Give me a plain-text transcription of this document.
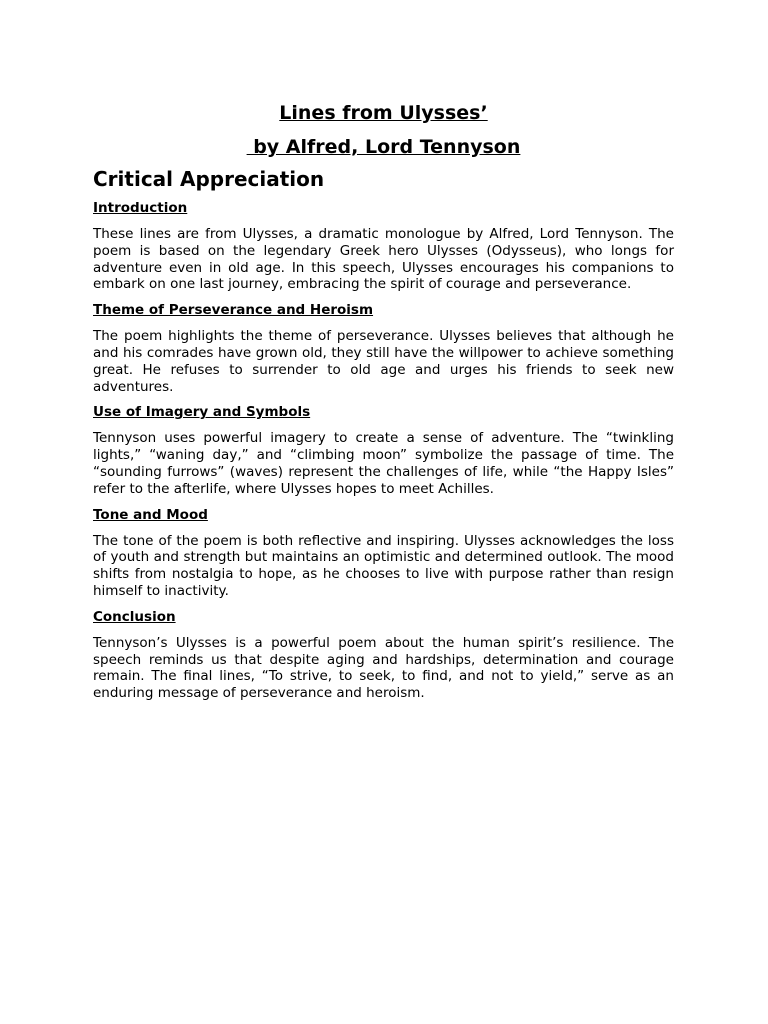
Lines from Ulysses’

by Alfred, Lord Tennyson

Critical Appreciation

Introduction

These lines are from Ulysses, a dramatic monologue by Alfred, Lord Tennyson. The poem is based on the legendary Greek hero Ulysses (Odysseus), who longs for adventure even in old age. In this speech, Ulysses encourages his companions to embark on one last journey, embracing the spirit of courage and perseverance.

Theme of Perseverance and Heroism

The poem highlights the theme of perseverance. Ulysses believes that although he and his comrades have grown old, they still have the willpower to achieve something great. He refuses to surrender to old age and urges his friends to seek new adventures.

Use of Imagery and Symbols

Tennyson uses powerful imagery to create a sense of adventure. The “twinkling lights,” “waning day,” and “climbing moon” symbolize the passage of time. The “sounding furrows” (waves) represent the challenges of life, while “the Happy Isles” refer to the afterlife, where Ulysses hopes to meet Achilles.

Tone and Mood

The tone of the poem is both reflective and inspiring. Ulysses acknowledges the loss of youth and strength but maintains an optimistic and determined outlook. The mood shifts from nostalgia to hope, as he chooses to live with purpose rather than resign himself to inactivity.

Conclusion

Tennyson’s Ulysses is a powerful poem about the human spirit’s resilience. The speech reminds us that despite aging and hardships, determination and courage remain. The final lines, “To strive, to seek, to find, and not to yield,” serve as an enduring message of perseverance and heroism.
